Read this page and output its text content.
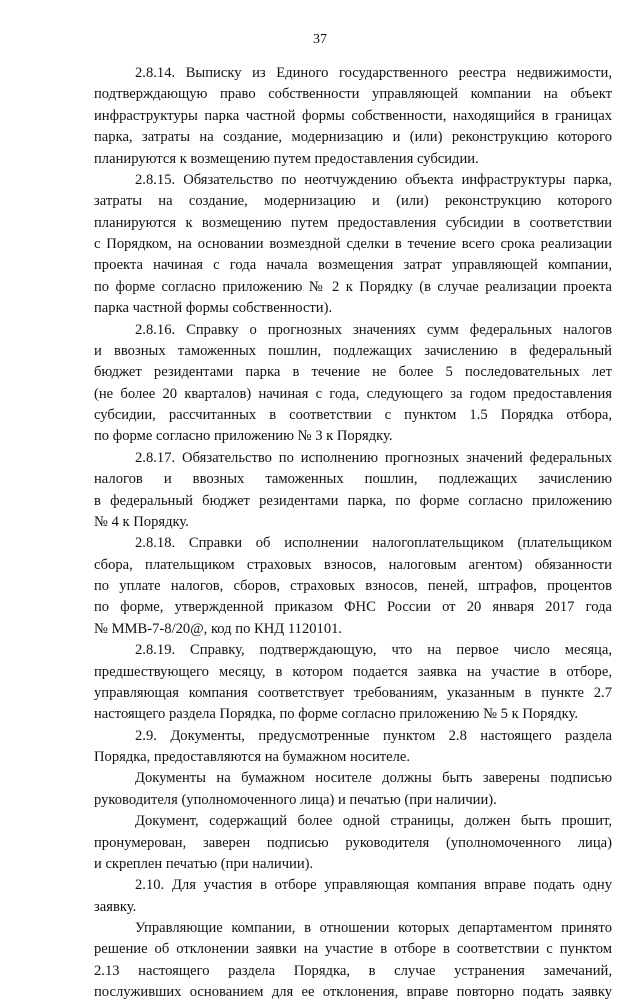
37
2.8.14. Выписку из Единого государственного реестра недвижимости,
подтверждающую право собственности управляющей компании на объект
инфраструктуры парка частной формы собственности, находящийся в границах
парка, затраты на создание, модернизацию и (или) реконструкцию которого
планируются к возмещению путем предоставления субсидии.
2.8.15. Обязательство по неотчуждению объекта инфраструктуры парка,
затраты на создание, модернизацию и (или) реконструкцию которого
планируются к возмещению путем предоставления субсидии в соответствии
с Порядком, на основании возмездной сделки в течение всего срока реализации
проекта начиная с года начала возмещения затрат управляющей компании,
по форме согласно приложению № 2 к Порядку (в случае реализации проекта
парка частной формы собственности).
2.8.16. Справку о прогнозных значениях сумм федеральных налогов
и ввозных таможенных пошлин, подлежащих зачислению в федеральный
бюджет резидентами парка в течение не более 5 последовательных лет
(не более 20 кварталов) начиная с года, следующего за годом предоставления
субсидии, рассчитанных в соответствии с пунктом 1.5 Порядка отбора,
по форме согласно приложению № 3 к Порядку.
2.8.17. Обязательство по исполнению прогнозных значений федеральных
налогов и ввозных таможенных пошлин, подлежащих зачислению
в федеральный бюджет резидентами парка, по форме согласно приложению
№ 4 к Порядку.
2.8.18. Справки об исполнении налогоплательщиком (плательщиком
сбора, плательщиком страховых взносов, налоговым агентом) обязанности
по уплате налогов, сборов, страховых взносов, пеней, штрафов, процентов
по форме, утвержденной приказом ФНС России от 20 января 2017 года
№ ММВ-7-8/20@, код по КНД 1120101.
2.8.19. Справку, подтверждающую, что на первое число месяца,
предшествующего месяцу, в котором подается заявка на участие в отборе,
управляющая компания соответствует требованиям, указанным в пункте 2.7
настоящего раздела Порядка, по форме согласно приложению № 5 к Порядку.
2.9. Документы, предусмотренные пунктом 2.8 настоящего раздела
Порядка, предоставляются на бумажном носителе.
Документы на бумажном носителе должны быть заверены подписью
руководителя (уполномоченного лица) и печатью (при наличии).
Документ, содержащий более одной страницы, должен быть прошит,
пронумерован, заверен подписью руководителя (уполномоченного лица)
и скреплен печатью (при наличии).
2.10. Для участия в отборе управляющая компания вправе подать одну
заявку.
Управляющие компании, в отношении которых департаментом принято
решение об отклонении заявки на участие в отборе в соответствии с пунктом
2.13 настоящего раздела Порядка, в случае устранения замечаний,
послуживших основанием для ее отклонения, вправе повторно подать заявку
